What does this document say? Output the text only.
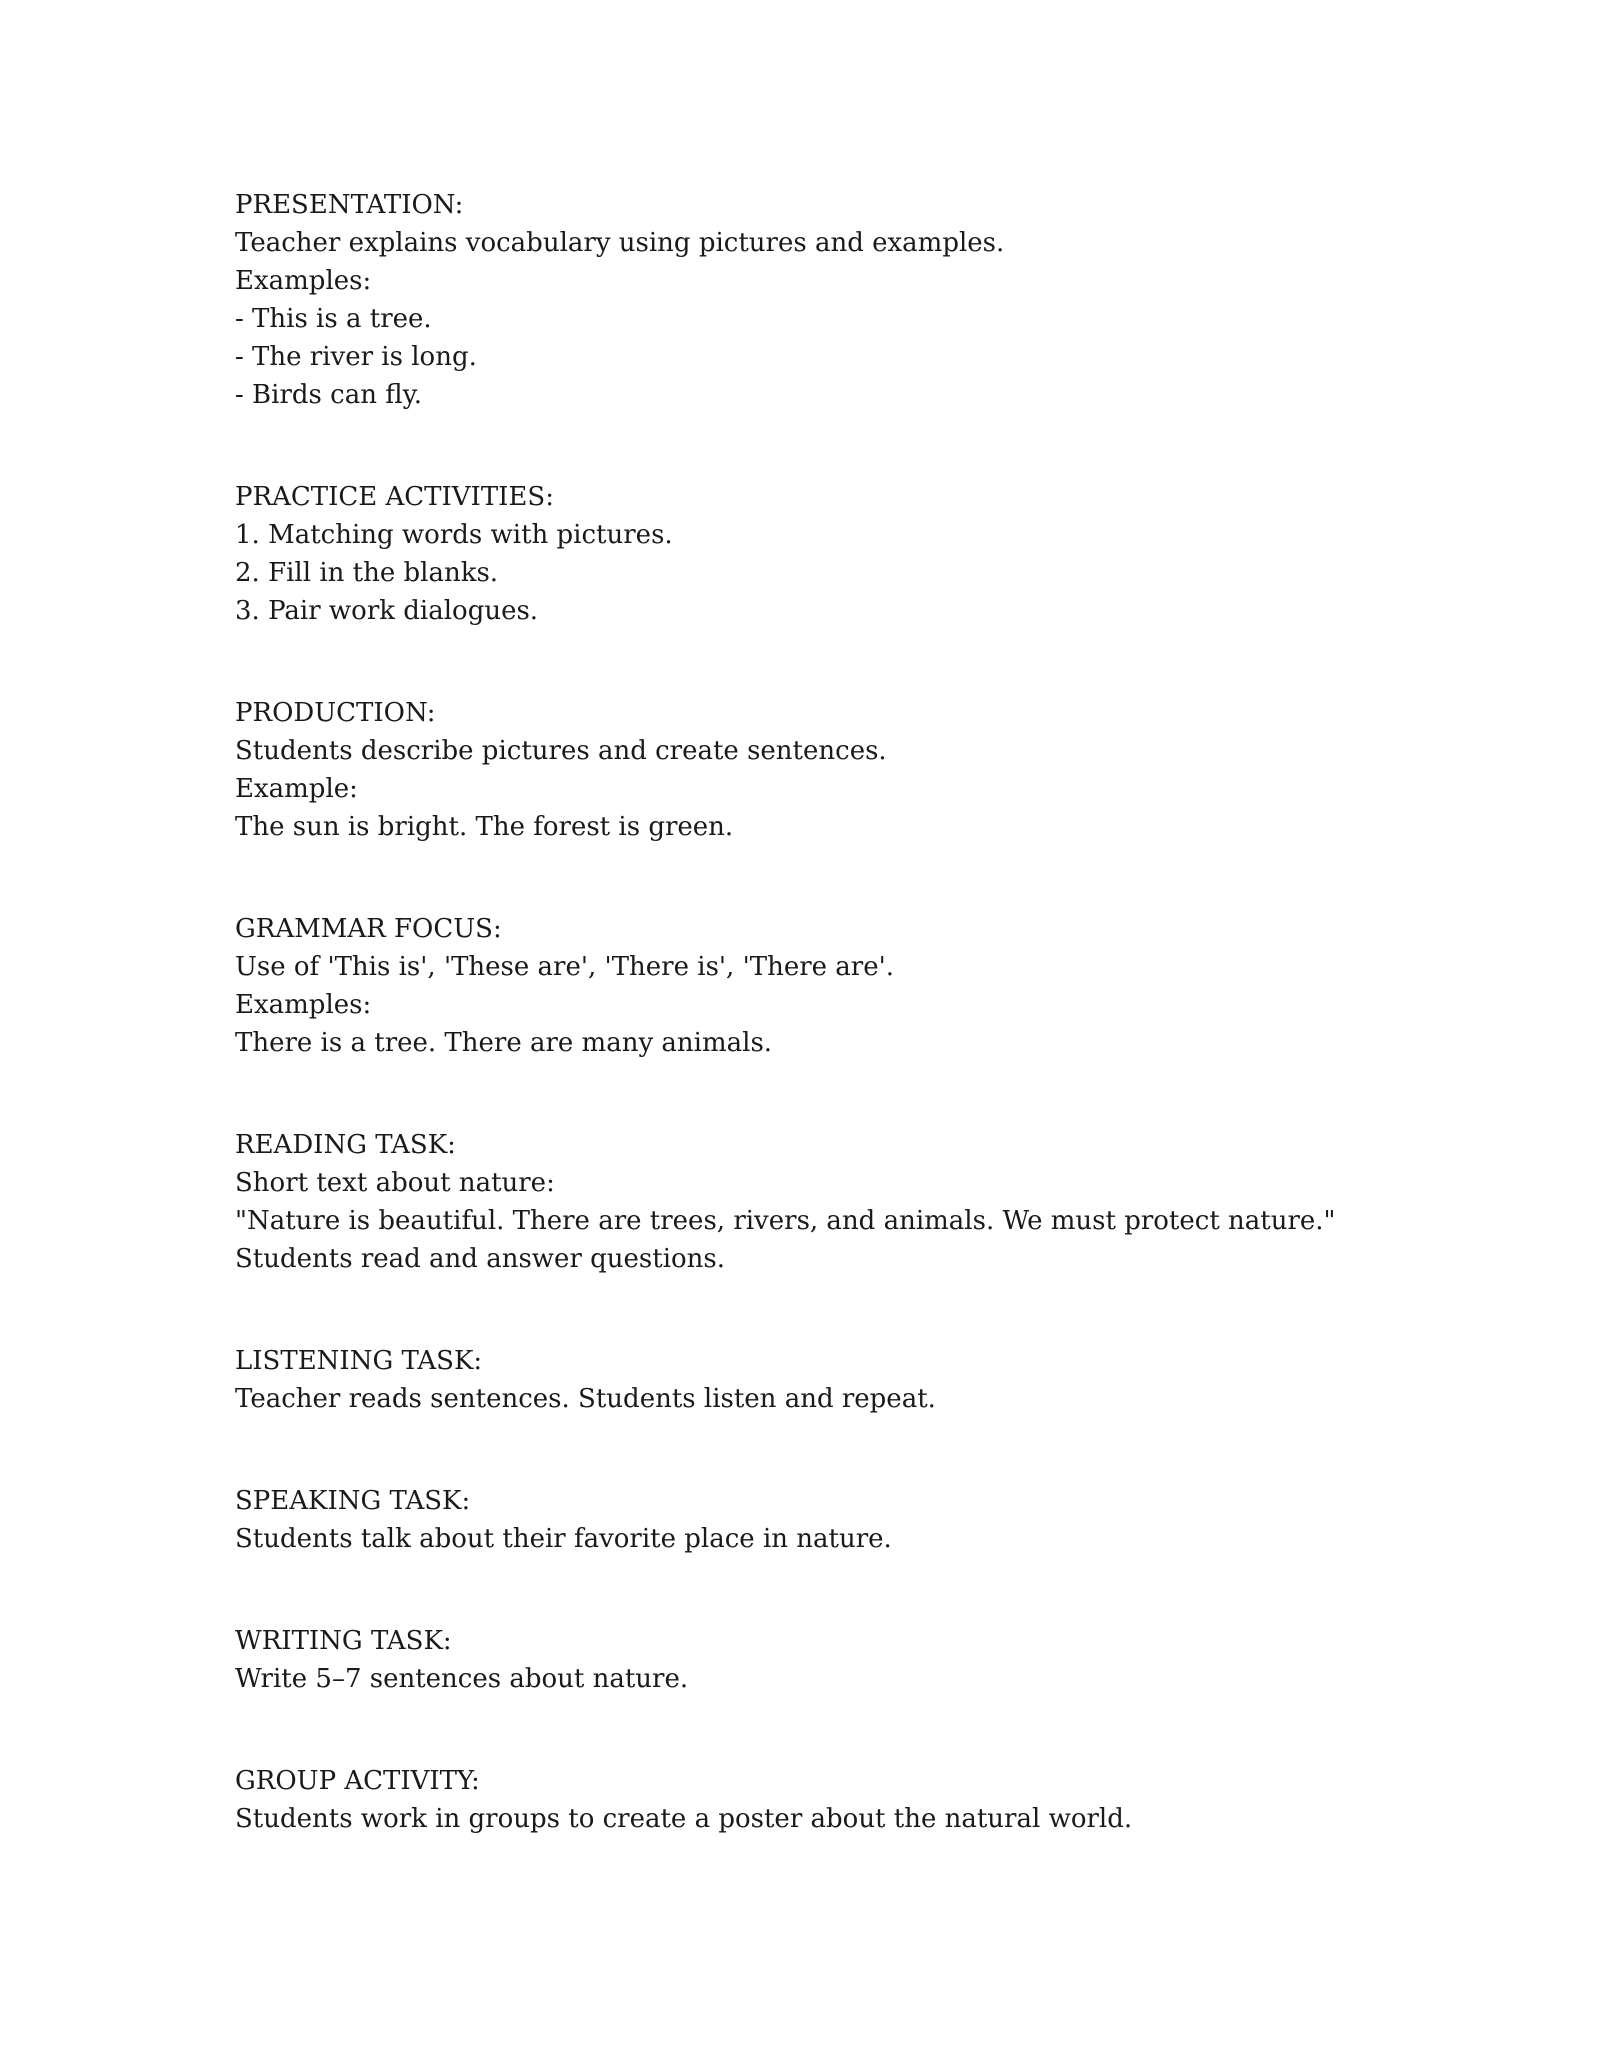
PRESENTATION:
Teacher explains vocabulary using pictures and examples.
Examples:
- This is a tree.
- The river is long.
- Birds can fly.
PRACTICE ACTIVITIES:
1. Matching words with pictures.
2. Fill in the blanks.
3. Pair work dialogues.
PRODUCTION:
Students describe pictures and create sentences.
Example:
The sun is bright. The forest is green.
GRAMMAR FOCUS:
Use of 'This is', 'These are', 'There is', 'There are'.
Examples:
There is a tree. There are many animals.
READING TASK:
Short text about nature:
"Nature is beautiful. There are trees, rivers, and animals. We must protect nature."
Students read and answer questions.
LISTENING TASK:
Teacher reads sentences. Students listen and repeat.
SPEAKING TASK:
Students talk about their favorite place in nature.
WRITING TASK:
Write 5–7 sentences about nature.
GROUP ACTIVITY:
Students work in groups to create a poster about the natural world.
